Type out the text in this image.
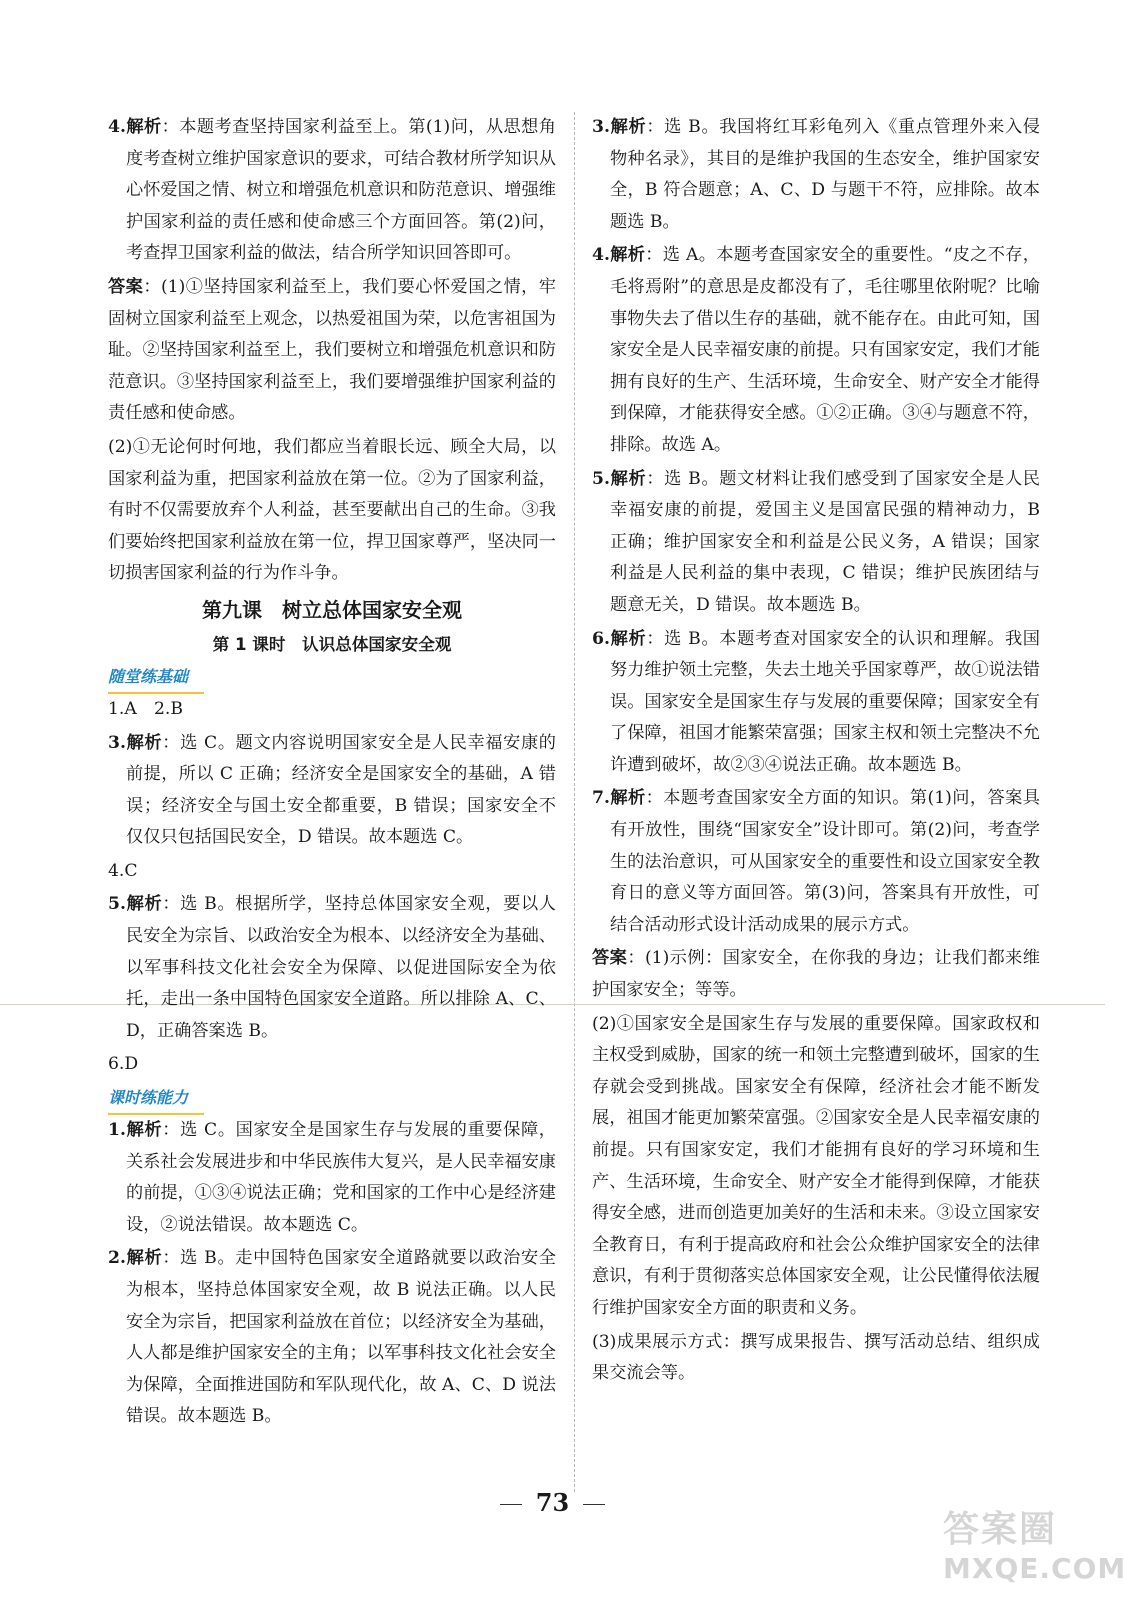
4.解析：本题考查坚持国家利益至上。第(1)问，从思想角度考查树立维护国家意识的要求，可结合教材所学知识从心怀爱国之情、树立和增强危机意识和防范意识、增强维护国家利益的责任感和使命感三个方面回答。第(2)问，考查捍卫国家利益的做法，结合所学知识回答即可。

答案：(1)①坚持国家利益至上，我们要心怀爱国之情，牢固树立国家利益至上观念，以热爱祖国为荣，以危害祖国为耻。②坚持国家利益至上，我们要树立和增强危机意识和防范意识。③坚持国家利益至上，我们要增强维护国家利益的责任感和使命感。

(2)①无论何时何地，我们都应当着眼长远、顾全大局，以国家利益为重，把国家利益放在第一位。②为了国家利益，有时不仅需要放弃个人利益，甚至要献出自己的生命。③我们要始终把国家利益放在第一位，捍卫国家尊严，坚决同一切损害国家利益的行为作斗争。

第九课　树立总体国家安全观

第 1 课时　认识总体国家安全观

随堂练基础

1.A　2.B

3.解析：选 C。题文内容说明国家安全是人民幸福安康的前提，所以 C 正确；经济安全是国家安全的基础，A 错误；经济安全与国土安全都重要，B 错误；国家安全不仅仅只包括国民安全，D 错误。故本题选 C。

4.C

5.解析：选 B。根据所学，坚持总体国家安全观，要以人民安全为宗旨、以政治安全为根本、以经济安全为基础、以军事科技文化社会安全为保障、以促进国际安全为依托，走出一条中国特色国家安全道路。所以排除 A、C、D，正确答案选 B。

6.D

课时练能力

1.解析：选 C。国家安全是国家生存与发展的重要保障，关系社会发展进步和中华民族伟大复兴，是人民幸福安康的前提，①③④说法正确；党和国家的工作中心是经济建设，②说法错误。故本题选 C。

2.解析：选 B。走中国特色国家安全道路就要以政治安全为根本，坚持总体国家安全观，故 B 说法正确。以人民安全为宗旨，把国家利益放在首位；以经济安全为基础，人人都是维护国家安全的主角；以军事科技文化社会安全为保障，全面推进国防和军队现代化，故 A、C、D 说法错误。故本题选 B。

3.解析：选 B。我国将红耳彩龟列入《重点管理外来入侵物种名录》，其目的是维护我国的生态安全，维护国家安全，B 符合题意；A、C、D 与题干不符，应排除。故本题选 B。

4.解析：选 A。本题考查国家安全的重要性。“皮之不存，毛将焉附”的意思是皮都没有了，毛往哪里依附呢？比喻事物失去了借以生存的基础，就不能存在。由此可知，国家安全是人民幸福安康的前提。只有国家安定，我们才能拥有良好的生产、生活环境，生命安全、财产安全才能得到保障，才能获得安全感。①②正确。③④与题意不符，排除。故选 A。

5.解析：选 B。题文材料让我们感受到了国家安全是人民幸福安康的前提，爱国主义是国富民强的精神动力，B 正确；维护国家安全和利益是公民义务，A 错误；国家利益是人民利益的集中表现，C 错误；维护民族团结与题意无关，D 错误。故本题选 B。

6.解析：选 B。本题考查对国家安全的认识和理解。我国努力维护领土完整，失去土地关乎国家尊严，故①说法错误。国家安全是国家生存与发展的重要保障；国家安全有了保障，祖国才能繁荣富强；国家主权和领土完整决不允许遭到破坏，故②③④说法正确。故本题选 B。

7.解析：本题考查国家安全方面的知识。第(1)问，答案具有开放性，围绕“国家安全”设计即可。第(2)问，考查学生的法治意识，可从国家安全的重要性和设立国家安全教育日的意义等方面回答。第(3)问，答案具有开放性，可结合活动形式设计活动成果的展示方式。

答案：(1)示例：国家安全，在你我的身边；让我们都来维护国家安全；等等。

(2)①国家安全是国家生存与发展的重要保障。国家政权和主权受到威胁，国家的统一和领土完整遭到破坏，国家的生存就会受到挑战。国家安全有保障，经济社会才能不断发展，祖国才能更加繁荣富强。②国家安全是人民幸福安康的前提。只有国家安定，我们才能拥有良好的学习环境和生产、生活环境，生命安全、财产安全才能得到保障，才能获得安全感，进而创造更加美好的生活和未来。③设立国家安全教育日，有利于提高政府和社会公众维护国家安全的法律意识，有利于贯彻落实总体国家安全观，让公民懂得依法履行维护国家安全方面的职责和义务。

(3)成果展示方式：撰写成果报告、撰写活动总结、组织成果交流会等。

73
答案圈
MXQE.COM
